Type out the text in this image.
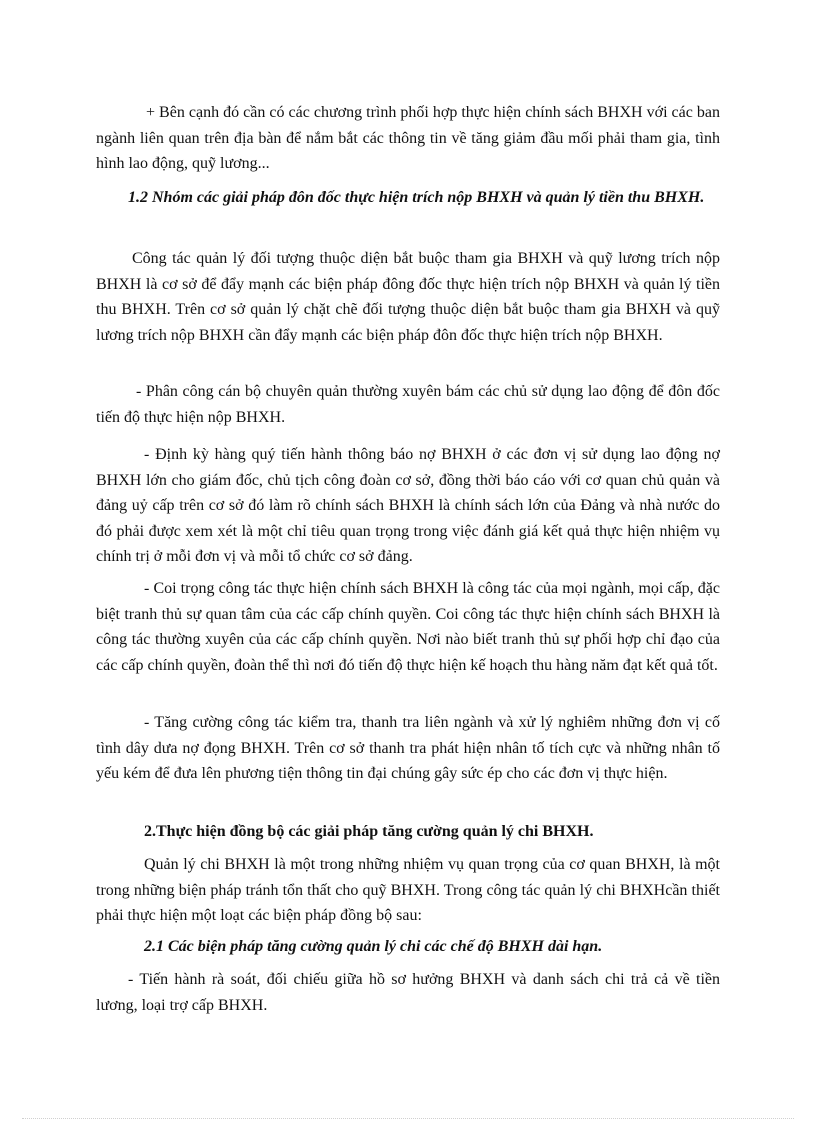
+ Bên cạnh đó cần có các chương trình phối hợp thực hiện chính sách BHXH với các ban ngành liên quan trên địa bàn để nắm bắt các thông tin về tăng giảm đầu mối phải tham gia, tình hình lao động, quỹ lương...

1.2 Nhóm các giải pháp đôn đốc thực hiện trích nộp BHXH và quản lý tiền thu BHXH.

Công tác quản lý đối tượng thuộc diện bắt buộc tham gia BHXH và quỹ lương trích nộp BHXH là cơ sở để đẩy mạnh các biện pháp đông đốc thực hiện trích nộp BHXH và quản lý tiền thu BHXH. Trên cơ sở quản lý chặt chẽ đối tượng thuộc diện bắt buộc tham gia BHXH và quỹ lương trích nộp BHXH cần đẩy mạnh các biện pháp đôn đốc thực hiện trích nộp BHXH.

- Phân công cán bộ chuyên quản thường xuyên bám các chủ sử dụng lao động để đôn đốc tiến độ thực hiện nộp BHXH.

- Định kỳ hàng quý tiến hành thông báo nợ BHXH ở các đơn vị sử dụng lao động nợ BHXH lớn cho giám đốc, chủ tịch công đoàn cơ sở, đồng thời báo cáo với cơ quan chủ quản và đảng uỷ cấp trên cơ sở đó làm rõ chính sách BHXH là chính sách lớn của Đảng và nhà nước do đó phải được xem xét là một chỉ tiêu quan trọng trong việc đánh giá kết quả thực hiện nhiệm vụ chính trị ở mỗi đơn vị và mỗi tổ chức cơ sở đảng.

- Coi trọng công tác thực hiện chính sách BHXH là công tác của mọi ngành, mọi cấp, đặc biệt tranh thủ sự quan tâm của các cấp chính quyền. Coi công tác thực hiện chính sách BHXH là công tác thường xuyên của các cấp chính quyền. Nơi nào biết tranh thủ sự phối hợp chỉ đạo của các cấp chính quyền, đoàn thể thì nơi đó tiến độ thực hiện kế hoạch thu hàng năm đạt kết quả tốt.

- Tăng cường công tác kiểm tra, thanh tra liên ngành và xử lý nghiêm những đơn vị cố tình dây dưa nợ đọng BHXH. Trên cơ sở thanh tra phát hiện nhân tố tích cực và những nhân tố yếu kém để đưa lên phương tiện thông tin đại chúng gây sức ép cho các đơn vị thực hiện.

2.Thực hiện đồng bộ các giải pháp tăng cường quản lý chi BHXH.

Quản lý chi BHXH là một trong những nhiệm vụ quan trọng của cơ quan BHXH, là một trong những biện pháp tránh tổn thất cho quỹ BHXH. Trong công tác quản lý chi BHXHcần thiết phải thực hiện một loạt các biện pháp đồng bộ sau:

2.1 Các biện pháp tăng cường quản lý chi các chế độ BHXH dài hạn.

- Tiến hành rà soát, đối chiếu giữa hồ sơ hưởng BHXH và danh sách chi trả cả về tiền lương, loại trợ cấp BHXH.
